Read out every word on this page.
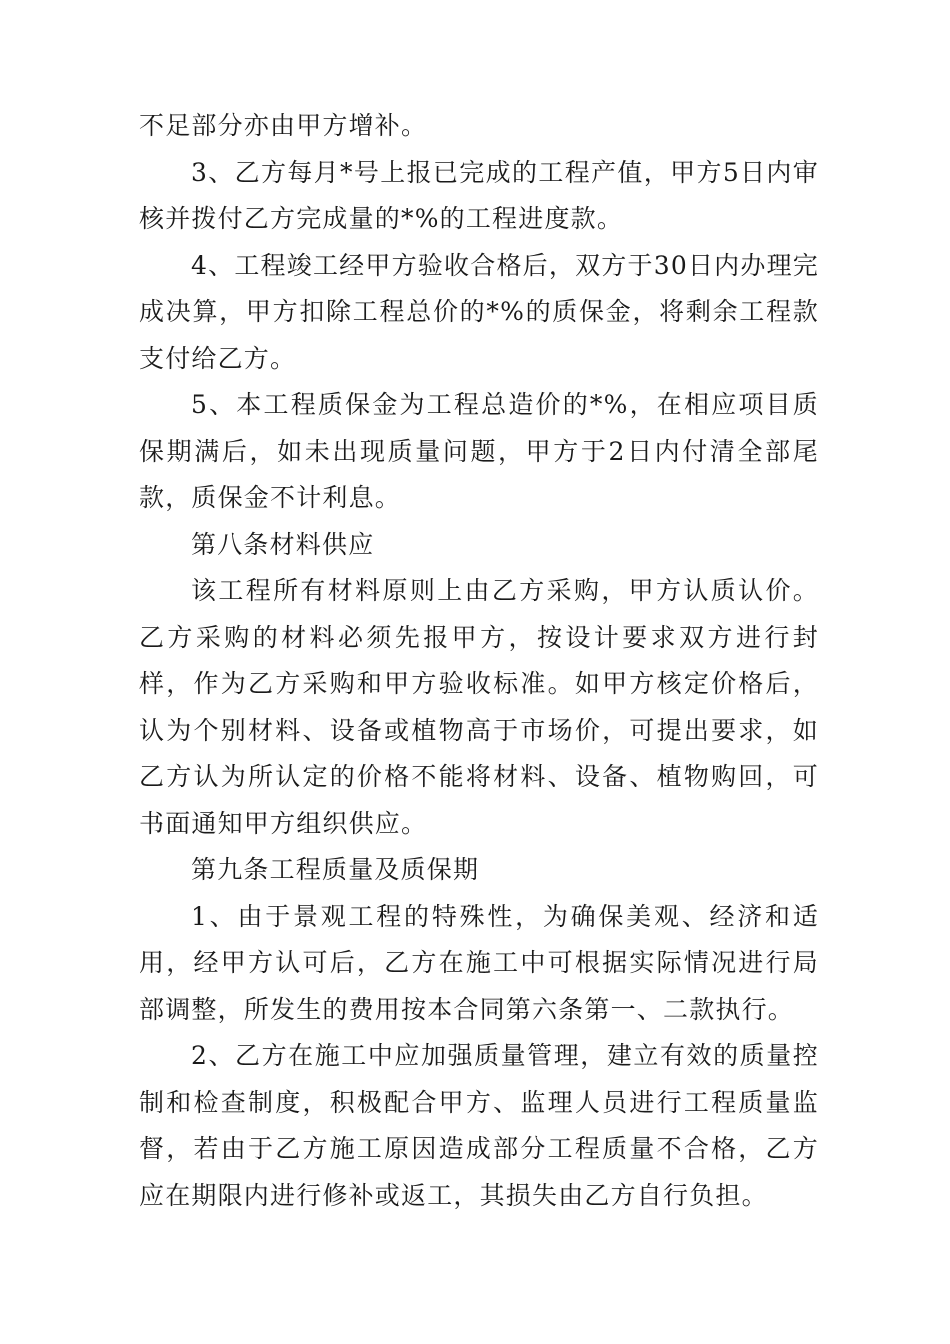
不足部分亦由甲方增补。

3、乙方每月*号上报已完成的工程产值，甲方5日内审核并拨付乙方完成量的*%的工程进度款。

4、工程竣工经甲方验收合格后，双方于30日内办理完成决算，甲方扣除工程总价的*%的质保金，将剩余工程款支付给乙方。

5、本工程质保金为工程总造价的*%，在相应项目质保期满后，如未出现质量问题，甲方于2日内付清全部尾款，质保金不计利息。

第八条材料供应

该工程所有材料原则上由乙方采购，甲方认质认价。乙方采购的材料必须先报甲方，按设计要求双方进行封样，作为乙方采购和甲方验收标准。如甲方核定价格后，认为个别材料、设备或植物高于市场价，可提出要求，如乙方认为所认定的价格不能将材料、设备、植物购回，可书面通知甲方组织供应。

第九条工程质量及质保期

1、由于景观工程的特殊性，为确保美观、经济和适用，经甲方认可后，乙方在施工中可根据实际情况进行局部调整，所发生的费用按本合同第六条第一、二款执行。

2、乙方在施工中应加强质量管理，建立有效的质量控制和检查制度，积极配合甲方、监理人员进行工程质量监督，若由于乙方施工原因造成部分工程质量不合格，乙方应在期限内进行修补或返工，其损失由乙方自行负担。
